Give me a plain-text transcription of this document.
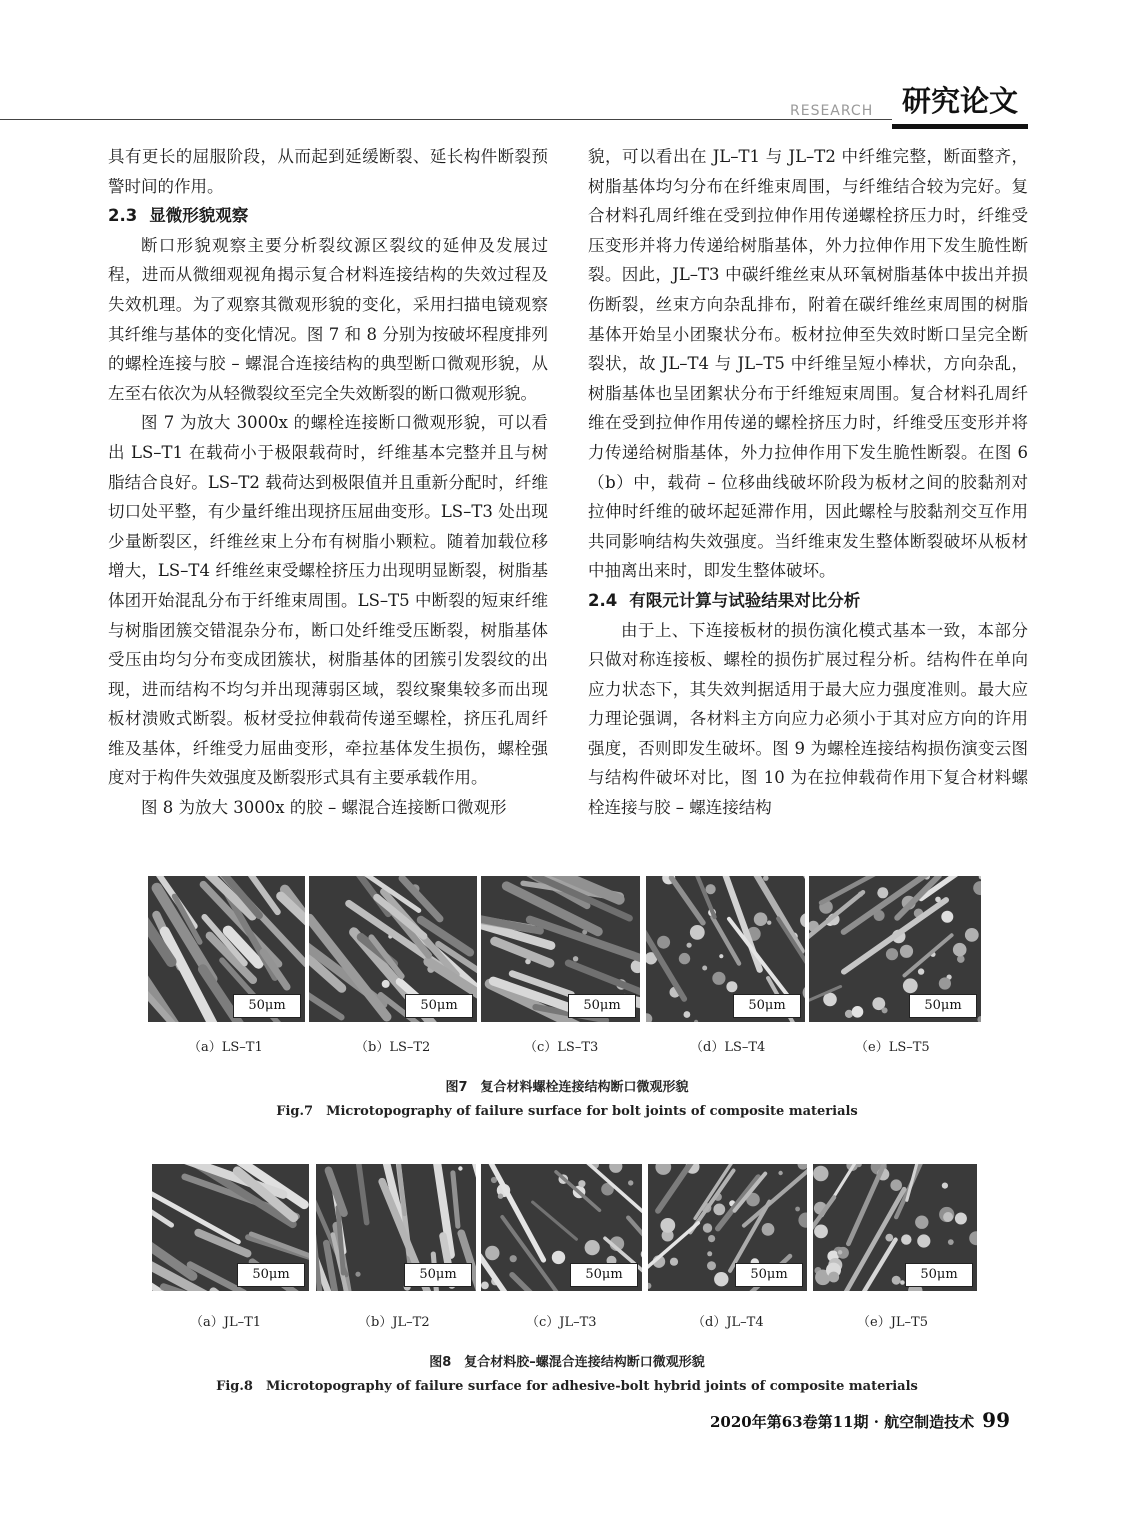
RESEARCH 研究论文

具有更长的屈服阶段，从而起到延缓断裂、延长构件断裂预警时间的作用。

2.3 显微形貌观察

断口形貌观察主要分析裂纹源区裂纹的延伸及发展过程，进而从微细观视角揭示复合材料连接结构的失效过程及失效机理。为了观察其微观形貌的变化，采用扫描电镜观察其纤维与基体的变化情况。图 7 和 8 分别为按破坏程度排列的螺栓连接与胶 – 螺混合连接结构的典型断口微观形貌，从左至右依次为从轻微裂纹至完全失效断裂的断口微观形貌。

图 7 为放大 3000x 的螺栓连接断口微观形貌，可以看出 LS–T1 在载荷小于极限载荷时，纤维基本完整并且与树脂结合良好。LS–T2 载荷达到极限值并且重新分配时，纤维切口处平整，有少量纤维出现挤压屈曲变形。LS–T3 处出现少量断裂区，纤维丝束上分布有树脂小颗粒。随着加载位移增大，LS–T4 纤维丝束受螺栓挤压力出现明显断裂，树脂基体团开始混乱分布于纤维束周围。LS–T5 中断裂的短束纤维与树脂团簇交错混杂分布，断口处纤维受压断裂，树脂基体受压由均匀分布变成团簇状，树脂基体的团簇引发裂纹的出现，进而结构不均匀并出现薄弱区域，裂纹聚集较多而出现板材溃败式断裂。板材受拉伸载荷传递至螺栓，挤压孔周纤维及基体，纤维受力屈曲变形，牵拉基体发生损伤，螺栓强度对于构件失效强度及断裂形式具有主要承载作用。

图 8 为放大 3000x 的胶 – 螺混合连接断口微观形

貌，可以看出在 JL–T1 与 JL–T2 中纤维完整，断面整齐，树脂基体均匀分布在纤维束周围，与纤维结合较为完好。复合材料孔周纤维在受到拉伸作用传递螺栓挤压力时，纤维受压变形并将力传递给树脂基体，外力拉伸作用下发生脆性断裂。因此，JL–T3 中碳纤维丝束从环氧树脂基体中拔出并损伤断裂，丝束方向杂乱排布，附着在碳纤维丝束周围的树脂基体开始呈小团聚状分布。板材拉伸至失效时断口呈完全断裂状，故 JL–T4 与 JL–T5 中纤维呈短小棒状，方向杂乱，树脂基体也呈团絮状分布于纤维短束周围。复合材料孔周纤维在受到拉伸作用传递的螺栓挤压力时，纤维受压变形并将力传递给树脂基体，外力拉伸作用下发生脆性断裂。在图 6（b）中，载荷 – 位移曲线破坏阶段为板材之间的胶黏剂对拉伸时纤维的破坏起延滞作用，因此螺栓与胶黏剂交互作用共同影响结构失效强度。当纤维束发生整体断裂破坏从板材中抽离出来时，即发生整体破坏。

2.4 有限元计算与试验结果对比分析

由于上、下连接板材的损伤演化模式基本一致，本部分只做对称连接板、螺栓的损伤扩展过程分析。结构件在单向应力状态下，其失效判据适用于最大应力强度准则。最大应力理论强调，各材料主方向应力必须小于其对应方向的许用强度，否则即发生破坏。图 9 为螺栓连接结构损伤演变云图与结构件破坏对比，图 10 为在拉伸载荷作用下复合材料螺栓连接与胶 – 螺连接结构

50μm	50μm	50μm	50μm	50μm
（a）LS–T1	（b）LS–T2	（c）LS–T3	（d）LS–T4	（e）LS–T5
图7　复合材料螺栓连接结构断口微观形貌
Fig.7　Microtopography of failure surface for bolt joints of composite materials
50μm	50μm	50μm	50μm	50μm
（a）JL–T1	（b）JL–T2	（c）JL–T3	（d）JL–T4	（e）JL–T5
图8　复合材料胶–螺混合连接结构断口微观形貌
Fig.8　Microtopography of failure surface for adhesive-bolt hybrid joints of composite materials
2020年第63卷第11期 · 航空制造技术 99
